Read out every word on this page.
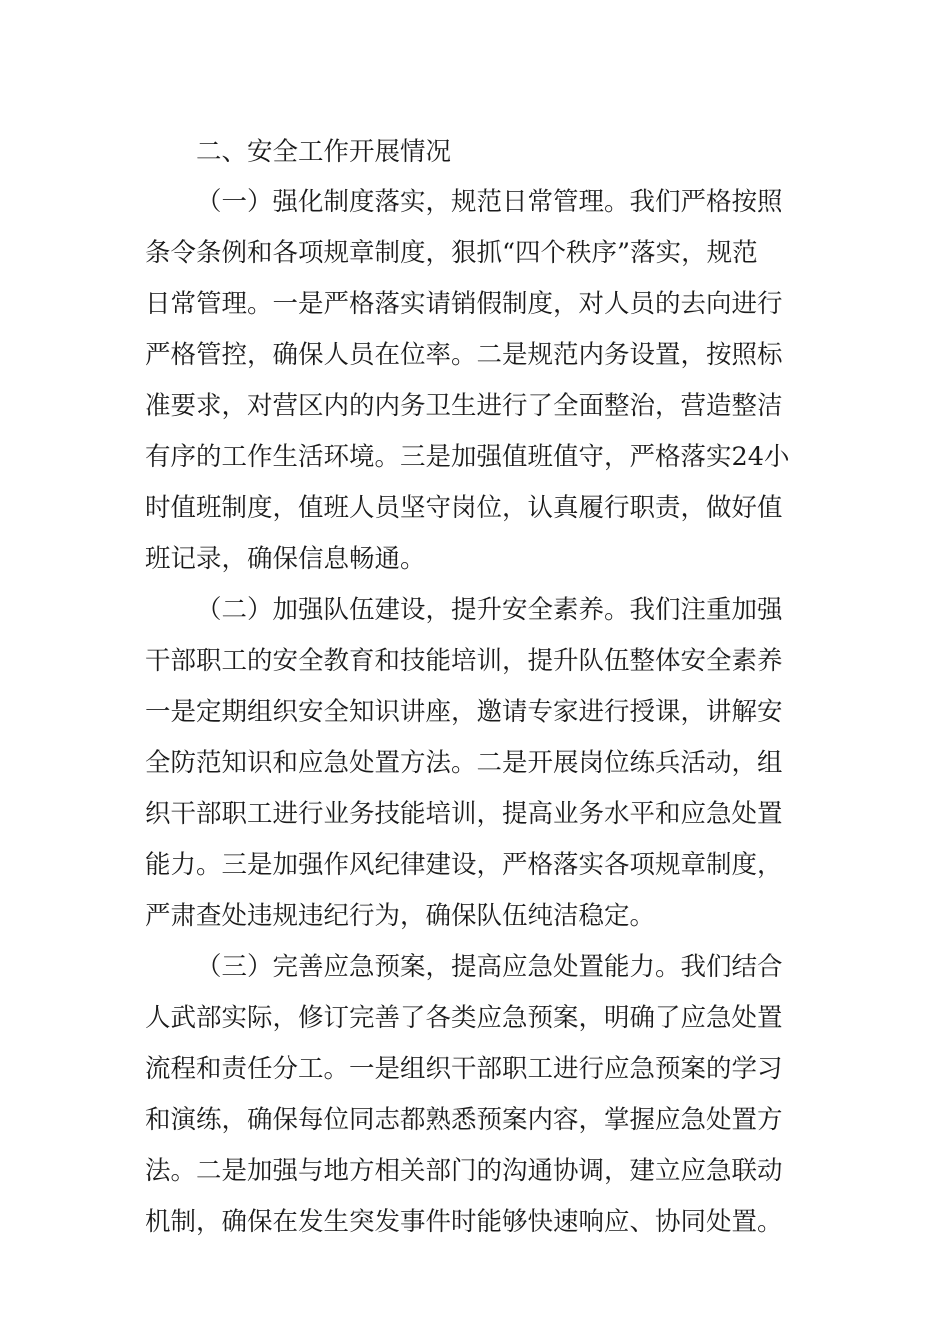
二、安全工作开展情况
（一）强化制度落实，规范日常管理。我们严格按照
条令条例和各项规章制度，狠抓“四个秩序”落实，规范
日常管理。一是严格落实请销假制度，对人员的去向进行
严格管控，确保人员在位率。二是规范内务设置，按照标
准要求，对营区内的内务卫生进行了全面整治，营造整洁
有序的工作生活环境。三是加强值班值守，严格落实24小
时值班制度，值班人员坚守岗位，认真履行职责，做好值
班记录，确保信息畅通。
（二）加强队伍建设，提升安全素养。我们注重加强
干部职工的安全教育和技能培训，提升队伍整体安全素养
一是定期组织安全知识讲座，邀请专家进行授课，讲解安
全防范知识和应急处置方法。二是开展岗位练兵活动，组
织干部职工进行业务技能培训，提高业务水平和应急处置
能力。三是加强作风纪律建设，严格落实各项规章制度，
严肃查处违规违纪行为，确保队伍纯洁稳定。
（三）完善应急预案，提高应急处置能力。我们结合
人武部实际，修订完善了各类应急预案，明确了应急处置
流程和责任分工。一是组织干部职工进行应急预案的学习
和演练，确保每位同志都熟悉预案内容，掌握应急处置方
法。二是加强与地方相关部门的沟通协调，建立应急联动
机制，确保在发生突发事件时能够快速响应、协同处置。
